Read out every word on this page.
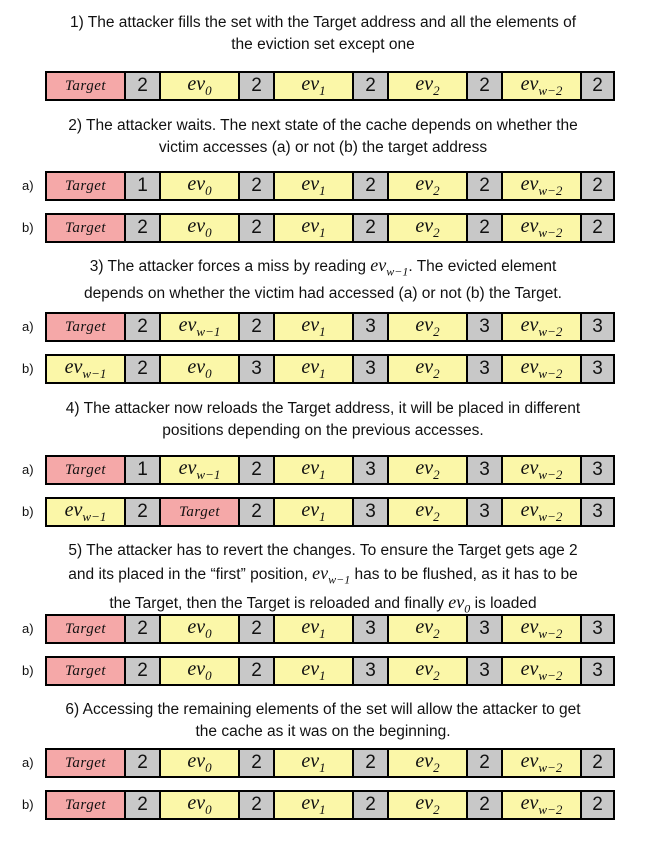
1) The attacker fills the set with the Target address and all the elements of
the eviction set except one
2) The attacker waits. The next state of the cache depends on whether the
victim accesses (a) or not (b) the target address
3) The attacker forces a miss by reading $ev_{w-1}$. The evicted element
depends on whether the victim had accessed (a) or not (b) the Target.
4) The attacker now reloads the Target address, it will be placed in different
positions depending on the previous accesses.
5) The attacker has to revert the changes. To ensure the Target gets age 2
and its placed in the “first” position, $ev_{w-1}$ has to be flushed, as it has to be
the Target, then the Target is reloaded and finally $ev_0$ is loaded
6) Accessing the remaining elements of the set will allow the attacker to get
the cache as it was on the beginning.
a)
b)
a)
b)
a)
b)
a)
b)
a)
b)
Target	2	$ev_0$	2	$ev_1$	2	$ev_2$	2	$ev_{w-2}$	2
Target	1	$ev_0$	2	$ev_1$	2	$ev_2$	2	$ev_{w-2}$	2
Target	2	$ev_0$	2	$ev_1$	2	$ev_2$	2	$ev_{w-2}$	2
Target	2	$ev_{w-1}$	2	$ev_1$	3	$ev_2$	3	$ev_{w-2}$	3
$ev_{w-1}$	2	$ev_0$	3	$ev_1$	3	$ev_2$	3	$ev_{w-2}$	3
Target	1	$ev_{w-1}$	2	$ev_1$	3	$ev_2$	3	$ev_{w-2}$	3
$ev_{w-1}$	2	Target	2	$ev_1$	3	$ev_2$	3	$ev_{w-2}$	3
Target	2	$ev_0$	2	$ev_1$	3	$ev_2$	3	$ev_{w-2}$	3
Target	2	$ev_0$	2	$ev_1$	3	$ev_2$	3	$ev_{w-2}$	3
Target	2	$ev_0$	2	$ev_1$	2	$ev_2$	2	$ev_{w-2}$	2
Target	2	$ev_0$	2	$ev_1$	2	$ev_2$	2	$ev_{w-2}$	2
